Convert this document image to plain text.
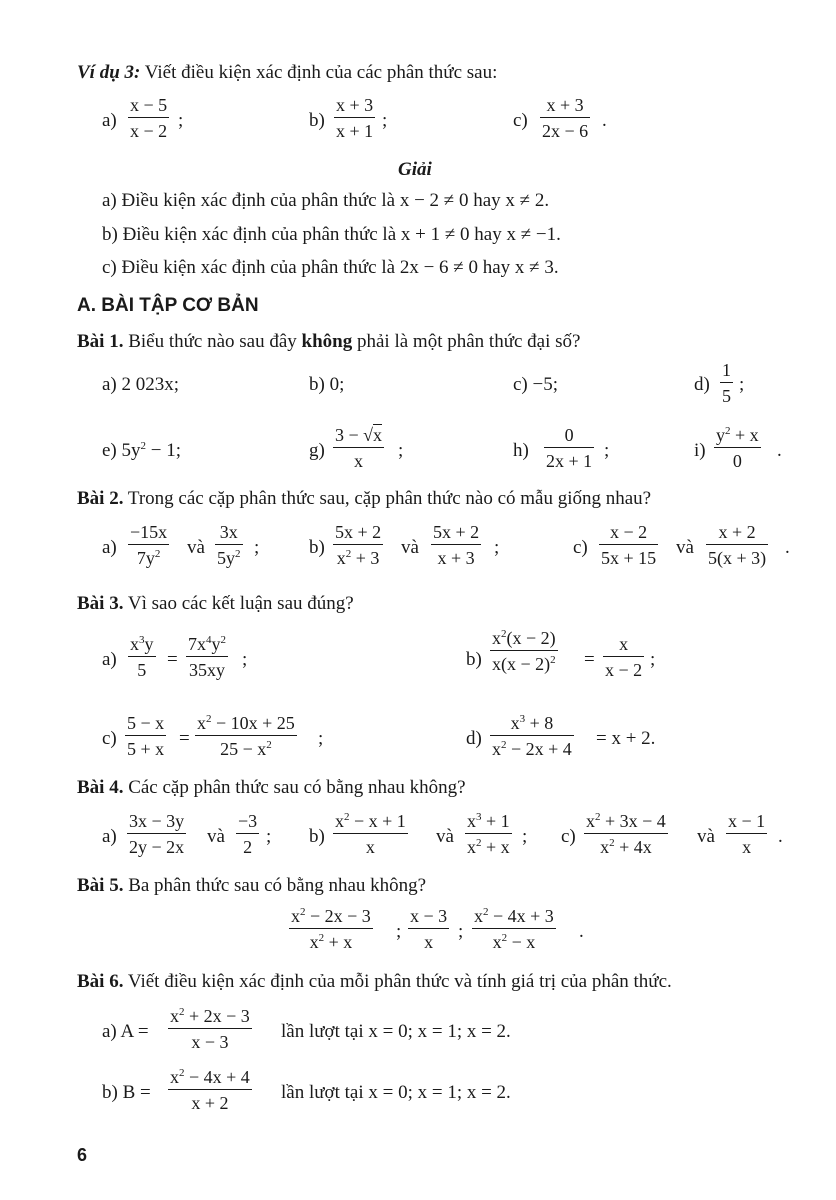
Ví dụ 3: Viết điều kiện xác định của các phân thức sau:
$a) \frac{x - 5}{x - 2}$ ;	$b) \frac{x + 3}{x + 1}$ ;	$c) \frac{x + 3}{2x - 6}$ .
Giải
a) Điều kiện xác định của phân thức là x − 2 ≠ 0 hay x ≠ 2.
b) Điều kiện xác định của phân thức là x + 1 ≠ 0 hay x ≠ −1.
c) Điều kiện xác định của phân thức là 2x − 6 ≠ 0 hay x ≠ 3.
A. BÀI TẬP CƠ BẢN
Bài 1. Biểu thức nào sau đây không phải là một phân thức đại số?
a) 2 023x;	b) 0;	c) −5;	$d) \frac{1}{5}$ ;
e) $5y^2 - 1$;	$g) \frac{3 - √x}{x}$ ;	$h) \frac{0}{2x + 1}$ ;	$i) \frac{y^2 + x}{0}$ .
Bài 2. Trong các cặp phân thức sau, cặp phân thức nào có mẫu giống nhau?
$a) \frac{-15x}{7y^2}$ và $\frac{3x}{5y^2}$ ;	$b) \frac{5x + 2}{x^2 + 3}$ và $\frac{5x + 2}{x + 3}$ ;	$c) \frac{x - 2}{5x + 15}$ và $\frac{x + 2}{5(x + 3)}$ .
Bài 3. Vì sao các kết luận sau đúng?
$a) \frac{x^3y}{5} = \frac{7x^4y^2}{35xy}$ ;	$b) \frac{x^2(x - 2)}{x(x - 2)^2} = \frac{x}{x - 2}$ ;
$c) \frac{5 - x}{5 + x} = \frac{x^2 - 10x + 25}{25 - x^2}$ ;	$d) \frac{x^3 + 8}{x^2 - 2x + 4} = x + 2$.
Bài 4. Các cặp phân thức sau có bằng nhau không?
$a) \frac{3x - 3y}{2y - 2x}$ và $\frac{-3}{2}$ ; $b) \frac{x^2 - x + 1}{x}$ và $\frac{x^3 + 1}{x^2 + x}$ ; $c) \frac{x^2 + 3x - 4}{x^2 + 4x}$ và $\frac{x - 1}{x}$ .
Bài 5. Ba phân thức sau có bằng nhau không?
$\frac{x^2 - 2x - 3}{x^2 + x}$ ; $\frac{x - 3}{x}$ ; $\frac{x^2 - 4x + 3}{x^2 - x}$ .
Bài 6. Viết điều kiện xác định của mỗi phân thức và tính giá trị của phân thức.
a) $A = \frac{x^2 + 2x - 3}{x - 3}$ lần lượt tại x = 0; x = 1; x = 2.
b) $B = \frac{x^2 - 4x + 4}{x + 2}$ lần lượt tại x = 0; x = 1; x = 2.
6
